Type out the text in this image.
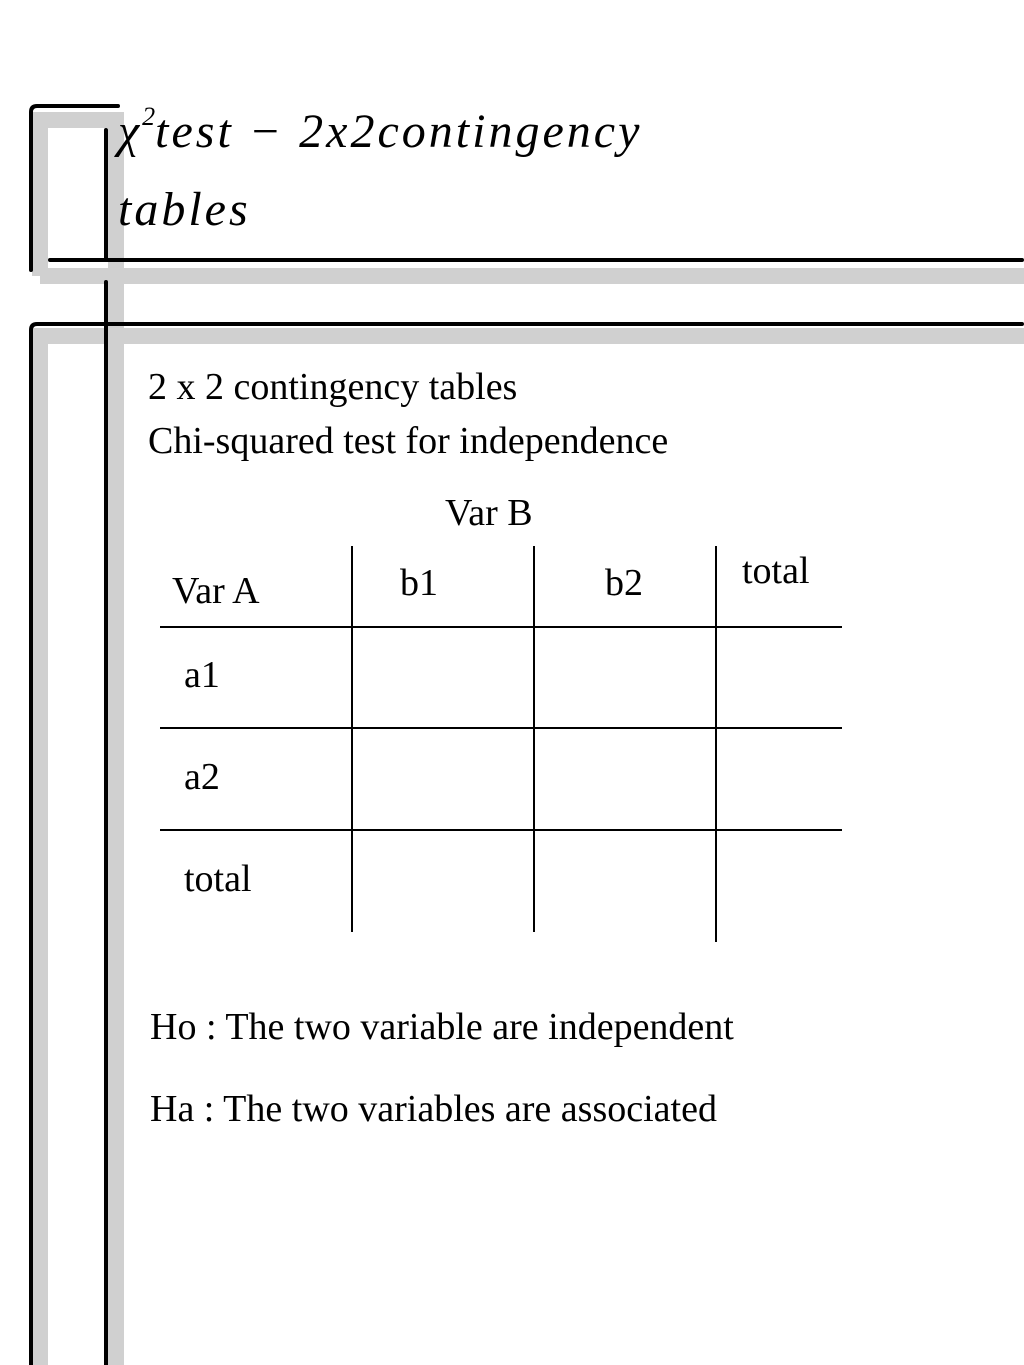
$\chi^2test$ − 2x2contingency
tables

2 x 2 contingency tables

Chi-squared test for independence

Var B
Var A	b1	b2	total
a1
a2
total

Ho : The two variable are independent

Ha : The two variables are associated
